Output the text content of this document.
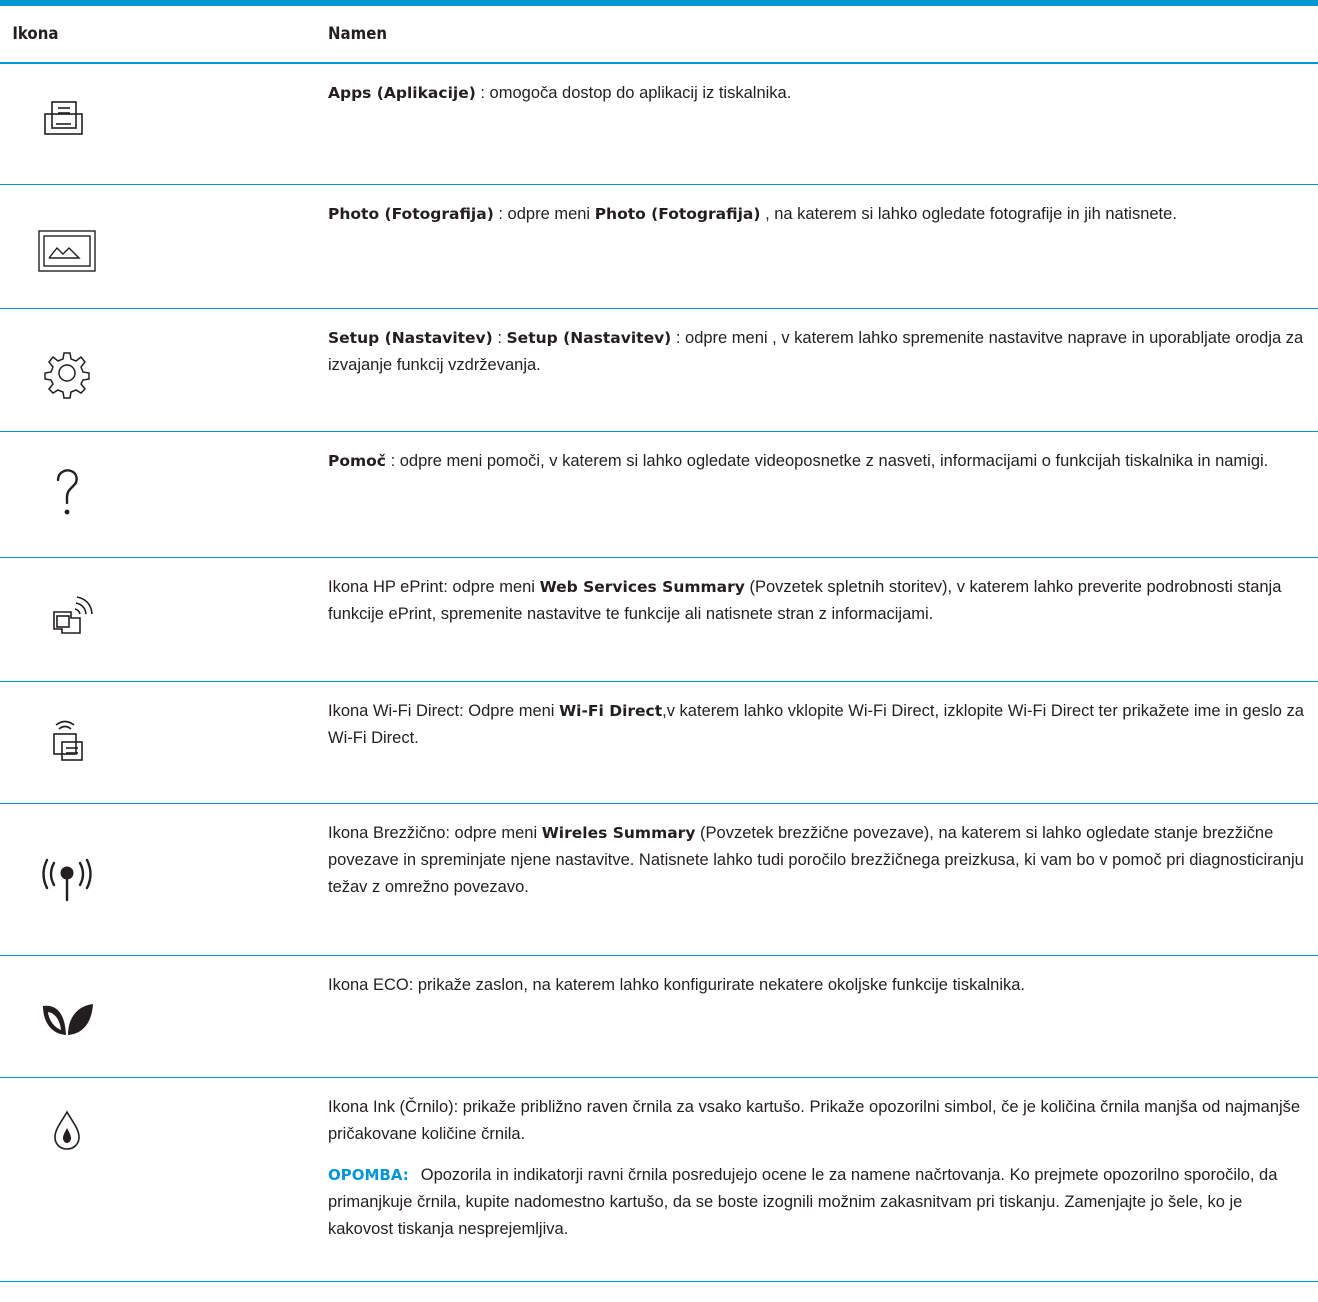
Ikona	Namen

Apps (Aplikacije) : omogoča dostop do aplikacij iz tiskalnika.

Photo (Fotografija) : odpre meni Photo (Fotografija) , na katerem si lahko ogledate fotografije in jih natisnete.

Setup (Nastavitev) : Setup (Nastavitev) : odpre meni , v katerem lahko spremenite nastavitve naprave in uporabljate orodja za izvajanje funkcij vzdrževanja.

Pomoč : odpre meni pomoči, v katerem si lahko ogledate videoposnetke z nasveti, informacijami o funkcijah tiskalnika in namigi.

Ikona HP ePrint: odpre meni Web Services Summary (Povzetek spletnih storitev), v katerem lahko preverite podrobnosti stanja funkcije ePrint, spremenite nastavitve te funkcije ali natisnete stran z informacijami.

Ikona Wi-Fi Direct: Odpre meni Wi-Fi Direct,v katerem lahko vklopite Wi-Fi Direct, izklopite Wi-Fi Direct ter prikažete ime in geslo za Wi-Fi Direct.

Ikona Brezžično: odpre meni Wireles Summary (Povzetek brezžične povezave), na katerem si lahko ogledate stanje brezžične povezave in spreminjate njene nastavitve. Natisnete lahko tudi poročilo brezžičnega preizkusa, ki vam bo v pomoč pri diagnosticiranju težav z omrežno povezavo.

Ikona ECO: prikaže zaslon, na katerem lahko konfigurirate nekatere okoljske funkcije tiskalnika.

Ikona Ink (Črnilo): prikaže približno raven črnila za vsako kartušo. Prikaže opozorilni simbol, če je količina črnila manjša od najmanjše pričakovane količine črnila.

OPOMBA: Opozorila in indikatorji ravni črnila posredujejo ocene le za namene načrtovanja. Ko prejmete opozorilno sporočilo, da primanjkuje črnila, kupite nadomestno kartušo, da se boste izognili možnim zakasnitvam pri tiskanju. Zamenjajte jo šele, ko je kakovost tiskanja nesprejemljiva.
